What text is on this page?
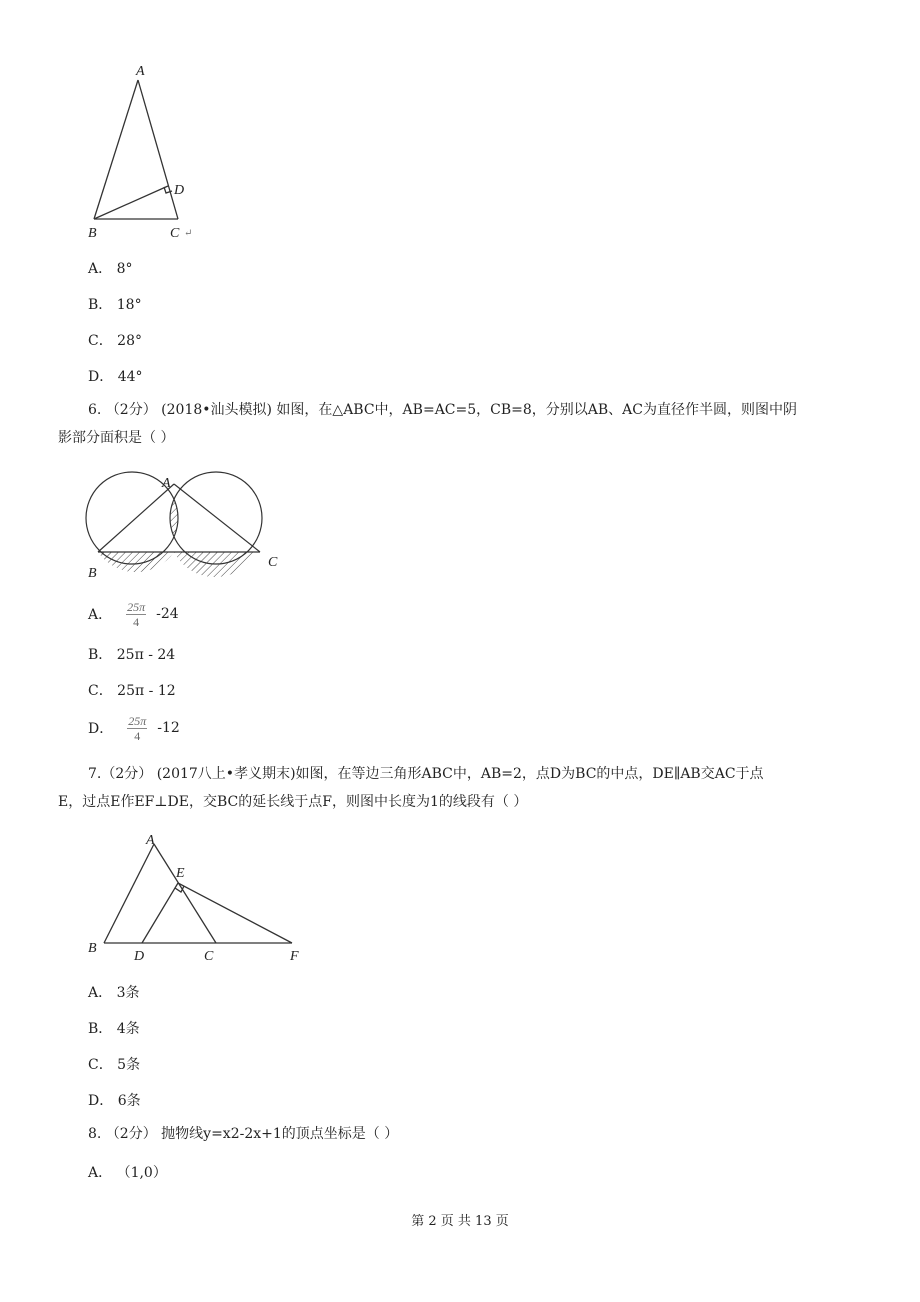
A
D
B	C ↵
A． 8°
B． 18°
C． 28°
D． 44°
6. （2分） (2018•汕头模拟) 如图，在△ABC中，AB=AC=5，CB=8，分别以AB、AC为直径作半圆，则图中阴
影部分面积是（ ）
A
B
C
A． $\frac{25\pi}{4} -24$
B． 25π - 24
C． 25π - 12
D． $\frac{25\pi}{4} -12$
7.（2分） (2017八上•孝义期末)如图，在等边三角形ABC中，AB=2，点D为BC的中点，DE∥AB交AC于点
E，过点E作EF⊥DE，交BC的延长线于点F，则图中长度为1的线段有（ ）
A
E
B
D	C	F
A． 3条
B． 4条
C． 5条
D． 6条
8. （2分） 抛物线y=x2-2x+1的顶点坐标是（ ）
A． （1,0）
第 2 页 共 13 页
